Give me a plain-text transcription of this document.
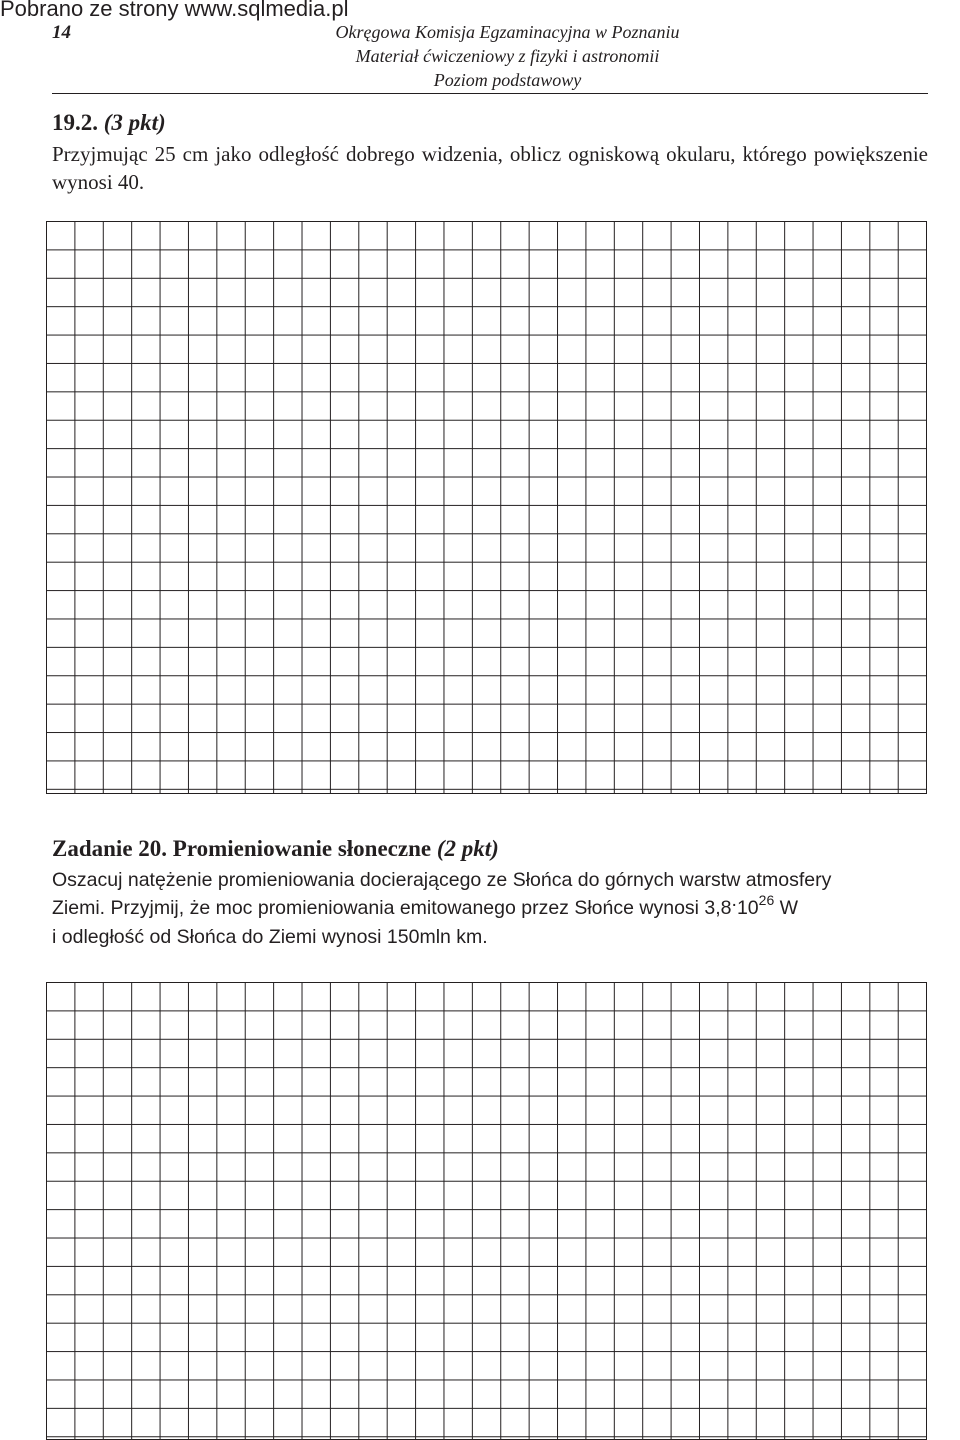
Pobrano ze strony www.sqlmedia.pl
14	Okręgowa Komisja Egzaminacyjna w Poznaniu
Materiał ćwiczeniowy z fizyki i astronomii
Poziom podstawowy
19.2. (3 pkt)
Przyjmując 25 cm jako odległość dobrego widzenia, oblicz ogniskową okularu, którego powiększenie wynosi 40.
Zadanie 20. Promieniowanie słoneczne (2 pkt)
Oszacuj natężenie promieniowania docierającego ze Słońca do górnych warstw atmosfery
Ziemi. Przyjmij, że moc promieniowania emitowanego przez Słońce wynosi 3,8.10$^{26}$ W
i odległość od Słońca do Ziemi wynosi 150mln km.
